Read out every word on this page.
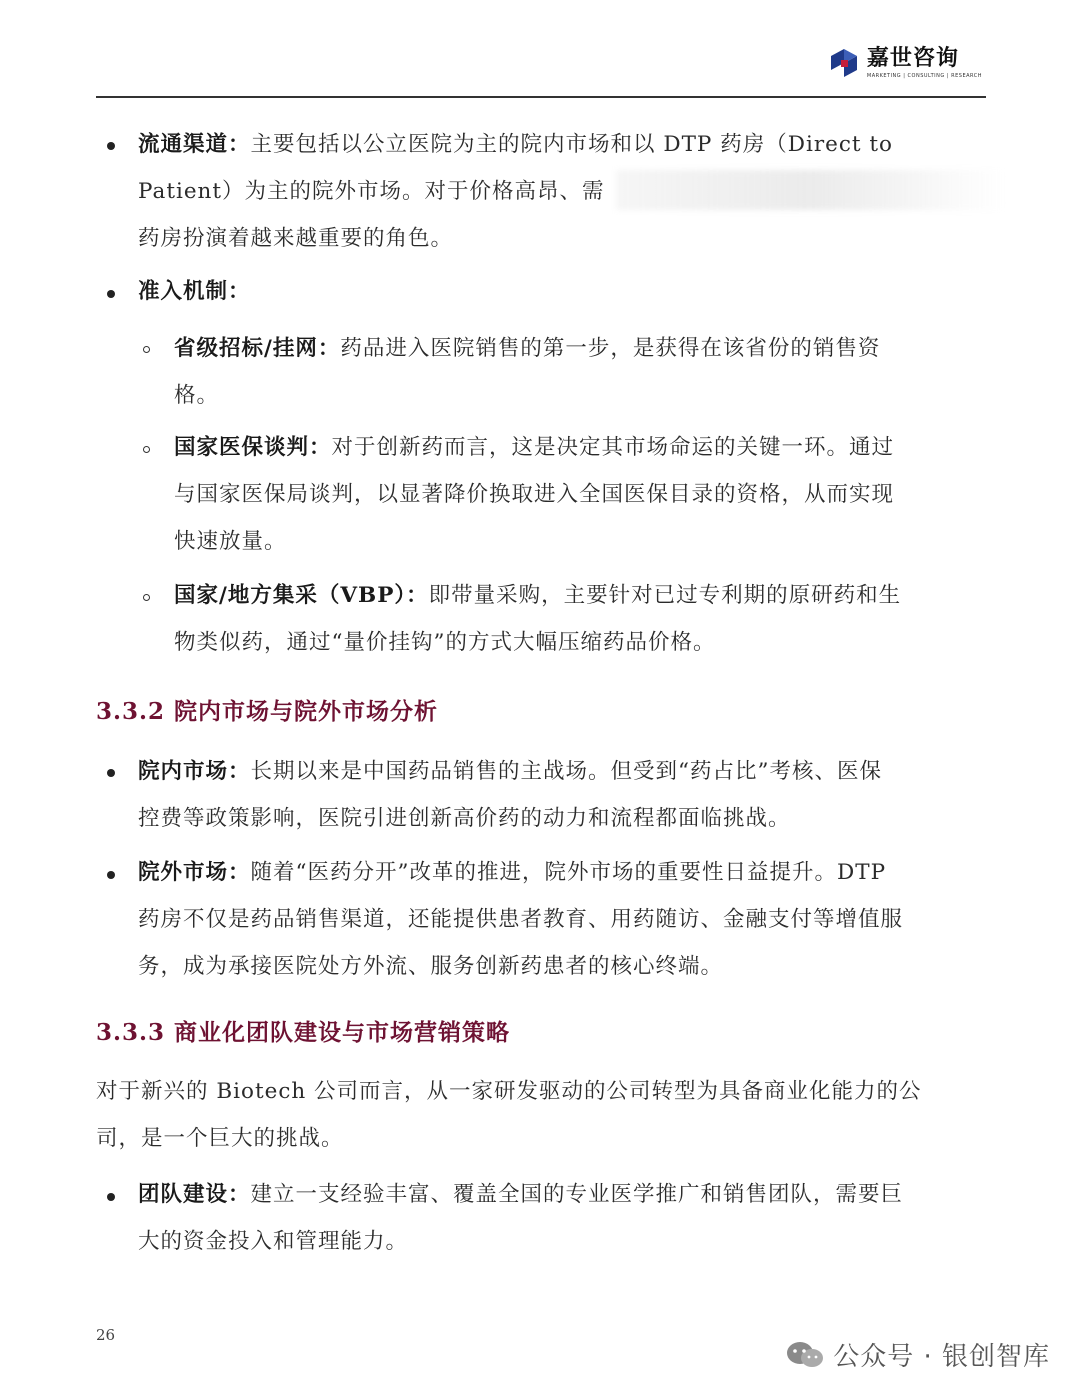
嘉世咨询
MARKETING | CONSULTING | RESEARCH
流通渠道：主要包括以公立医院为主的院内市场和以 DTP 药房（Direct to
Patient）为主的院外市场。对于价格高昂、需
药房扮演着越来越重要的角色。
准入机制：
省级招标/挂网：药品进入医院销售的第一步，是获得在该省份的销售资
格。
国家医保谈判：对于创新药而言，这是决定其市场命运的关键一环。通过
与国家医保局谈判，以显著降价换取进入全国医保目录的资格，从而实现
快速放量。
国家/地方集采（VBP）：即带量采购，主要针对已过专利期的原研药和生
物类似药，通过“量价挂钩”的方式大幅压缩药品价格。
3.3.2 院内市场与院外市场分析
院内市场：长期以来是中国药品销售的主战场。但受到“药占比”考核、医保
控费等政策影响，医院引进创新高价药的动力和流程都面临挑战。
院外市场：随着“医药分开”改革的推进，院外市场的重要性日益提升。DTP
药房不仅是药品销售渠道，还能提供患者教育、用药随访、金融支付等增值服
务，成为承接医院处方外流、服务创新药患者的核心终端。
3.3.3 商业化团队建设与市场营销策略
对于新兴的 Biotech 公司而言，从一家研发驱动的公司转型为具备商业化能力的公
司，是一个巨大的挑战。
团队建设：建立一支经验丰富、覆盖全国的专业医学推广和销售团队，需要巨
大的资金投入和管理能力。
26
公众号 · 银创智库
